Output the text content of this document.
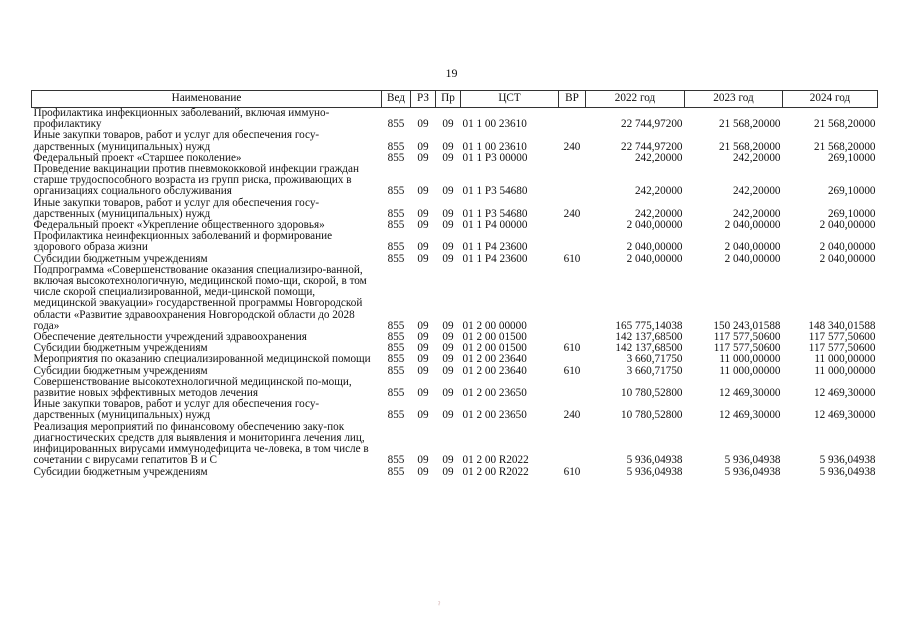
19
Наименование	Вед	РЗ	Пр	ЦСТ	ВР	2022 год	2023 год	2024 год
Профилактика инфекционных заболеваний, включая иммуно-профилактику	855	09	09	01 1 00 23610		22 744,97200	21 568,20000	21 568,20000
Иные закупки товаров, работ и услуг для обеспечения госу-дарственных (муниципальных) нужд	855	09	09	01 1 00 23610	240	22 744,97200	21 568,20000	21 568,20000
Федеральный проект «Старшее поколение»	855	09	09	01 1 P3 00000		242,20000	242,20000	269,10000
Проведение вакцинации против пневмококковой инфекции граждан старше трудоспособного возраста из групп риска, проживающих в организациях социального обслуживания	855	09	09	01 1 P3 54680		242,20000	242,20000	269,10000
Иные закупки товаров, работ и услуг для обеспечения госу-дарственных (муниципальных) нужд	855	09	09	01 1 P3 54680	240	242,20000	242,20000	269,10000
Федеральный проект «Укрепление общественного здоровья»	855	09	09	01 1 P4 00000		2 040,00000	2 040,00000	2 040,00000
Профилактика неинфекционных заболеваний и формирование здорового образа жизни	855	09	09	01 1 P4 23600		2 040,00000	2 040,00000	2 040,00000
Субсидии бюджетным учреждениям	855	09	09	01 1 P4 23600	610	2 040,00000	2 040,00000	2 040,00000
Подпрограмма «Совершенствование оказания специализиро-ванной, включая высокотехнологичную, медицинской помо-щи, скорой, в том числе скорой специализированной, меди-цинской помощи, медицинской эвакуации» государственной программы Новгородской области «Развитие здравоохранения Новгородской области до 2028 года»	855	09	09	01 2 00 00000		165 775,14038	150 243,01588	148 340,01588
Обеспечение деятельности учреждений здравоохранения	855	09	09	01 2 00 01500		142 137,68500	117 577,50600	117 577,50600
Субсидии бюджетным учреждениям	855	09	09	01 2 00 01500	610	142 137,68500	117 577,50600	117 577,50600
Мероприятия по оказанию специализированной медицинской помощи	855	09	09	01 2 00 23640		3 660,71750	11 000,00000	11 000,00000
Субсидии бюджетным учреждениям	855	09	09	01 2 00 23640	610	3 660,71750	11 000,00000	11 000,00000
Совершенствование высокотехнологичной медицинской по-мощи, развитие новых эффективных методов лечения	855	09	09	01 2 00 23650		10 780,52800	12 469,30000	12 469,30000
Иные закупки товаров, работ и услуг для обеспечения госу-дарственных (муниципальных) нужд	855	09	09	01 2 00 23650	240	10 780,52800	12 469,30000	12 469,30000
Реализация мероприятий по финансовому обеспечению заку-пок диагностических средств для выявления и мониторинга лечения лиц, инфицированных вирусами иммунодефицита че-ловека, в том числе в сочетании с вирусами гепатитов В и С	855	09	09	01 2 00 R2022		5 936,04938	5 936,04938	5 936,04938
Субсидии бюджетным учреждениям	855	09	09	01 2 00 R2022	610	5 936,04938	5 936,04938	5 936,04938
ˀ
